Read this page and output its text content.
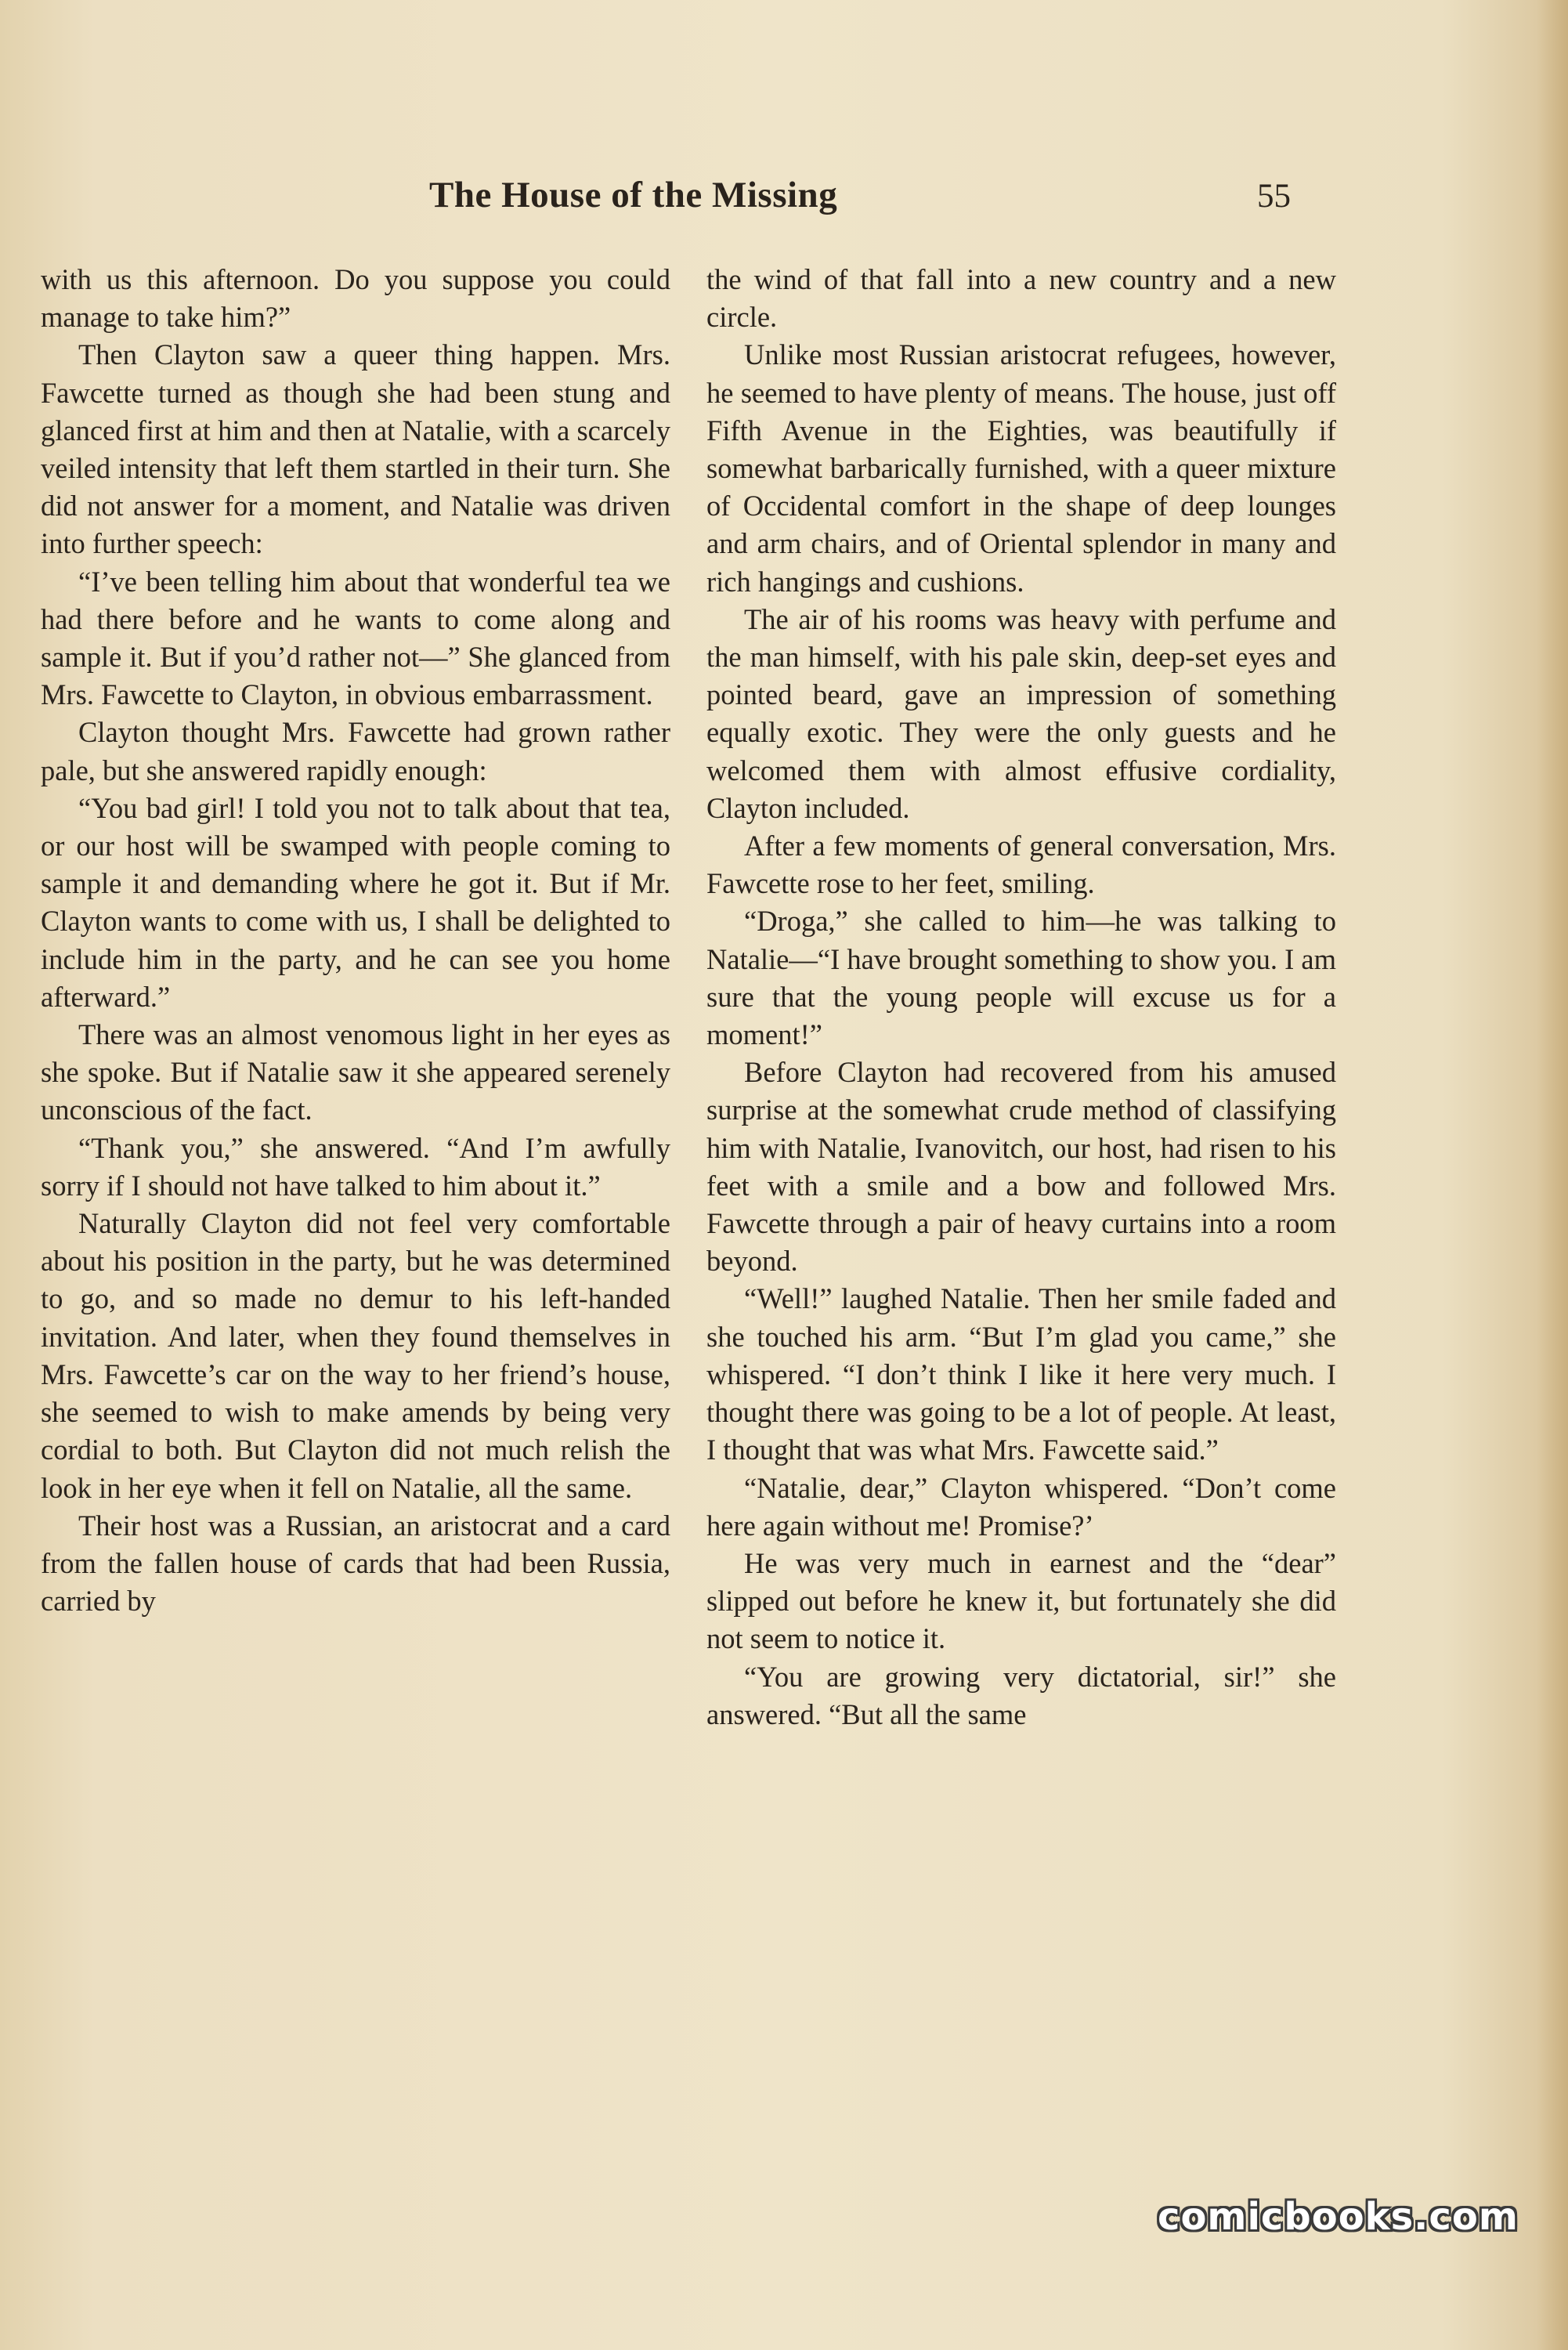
The House of the Missing	55

with us this afternoon. Do you suppose you could manage to take him?”

Then Clayton saw a queer thing happen. Mrs. Fawcette turned as though she had been stung and glanced first at him and then at Natalie, with a scarcely veiled intensity that left them startled in their turn. She did not answer for a moment, and Natalie was driven into further speech:

“I’ve been telling him about that wonderful tea we had there before and he wants to come along and sample it. But if you’d rather not—” She glanced from Mrs. Fawcette to Clayton, in obvious embarrassment.

Clayton thought Mrs. Fawcette had grown rather pale, but she answered rapidly enough:

“You bad girl! I told you not to talk about that tea, or our host will be swamped with people coming to sample it and demanding where he got it. But if Mr. Clayton wants to come with us, I shall be delighted to include him in the party, and he can see you home afterward.”

There was an almost venomous light in her eyes as she spoke. But if Natalie saw it she appeared serenely unconscious of the fact.

“Thank you,” she answered. “And I’m awfully sorry if I should not have talked to him about it.”

Naturally Clayton did not feel very comfortable about his position in the party, but he was determined to go, and so made no demur to his left-handed invitation. And later, when they found themselves in Mrs. Fawcette’s car on the way to her friend’s house, she seemed to wish to make amends by being very cordial to both. But Clayton did not much relish the look in her eye when it fell on Natalie, all the same.

Their host was a Russian, an aristocrat and a card from the fallen house of cards that had been Russia, carried by

the wind of that fall into a new country and a new circle.

Unlike most Russian aristocrat refugees, however, he seemed to have plenty of means. The house, just off Fifth Avenue in the Eighties, was beautifully if somewhat barbarically furnished, with a queer mixture of Occidental comfort in the shape of deep lounges and arm chairs, and of Oriental splendor in many and rich hangings and cushions.

The air of his rooms was heavy with perfume and the man himself, with his pale skin, deep-set eyes and pointed beard, gave an impression of something equally exotic. They were the only guests and he welcomed them with almost effusive cordiality, Clayton included.

After a few moments of general conversation, Mrs. Fawcette rose to her feet, smiling.

“Droga,” she called to him—he was talking to Natalie—“I have brought something to show you. I am sure that the young people will excuse us for a moment!”

Before Clayton had recovered from his amused surprise at the somewhat crude method of classifying him with Natalie, Ivanovitch, our host, had risen to his feet with a smile and a bow and followed Mrs. Fawcette through a pair of heavy curtains into a room beyond.

“Well!” laughed Natalie. Then her smile faded and she touched his arm. “But I’m glad you came,” she whispered. “I don’t think I like it here very much. I thought there was going to be a lot of people. At least, I thought that was what Mrs. Fawcette said.”

“Natalie, dear,” Clayton whispered. “Don’t come here again without me! Promise?’

He was very much in earnest and the “dear” slipped out before he knew it, but fortunately she did not seem to notice it.

“You are growing very dictatorial, sir!” she answered. “But all the same

comicbooks.com
